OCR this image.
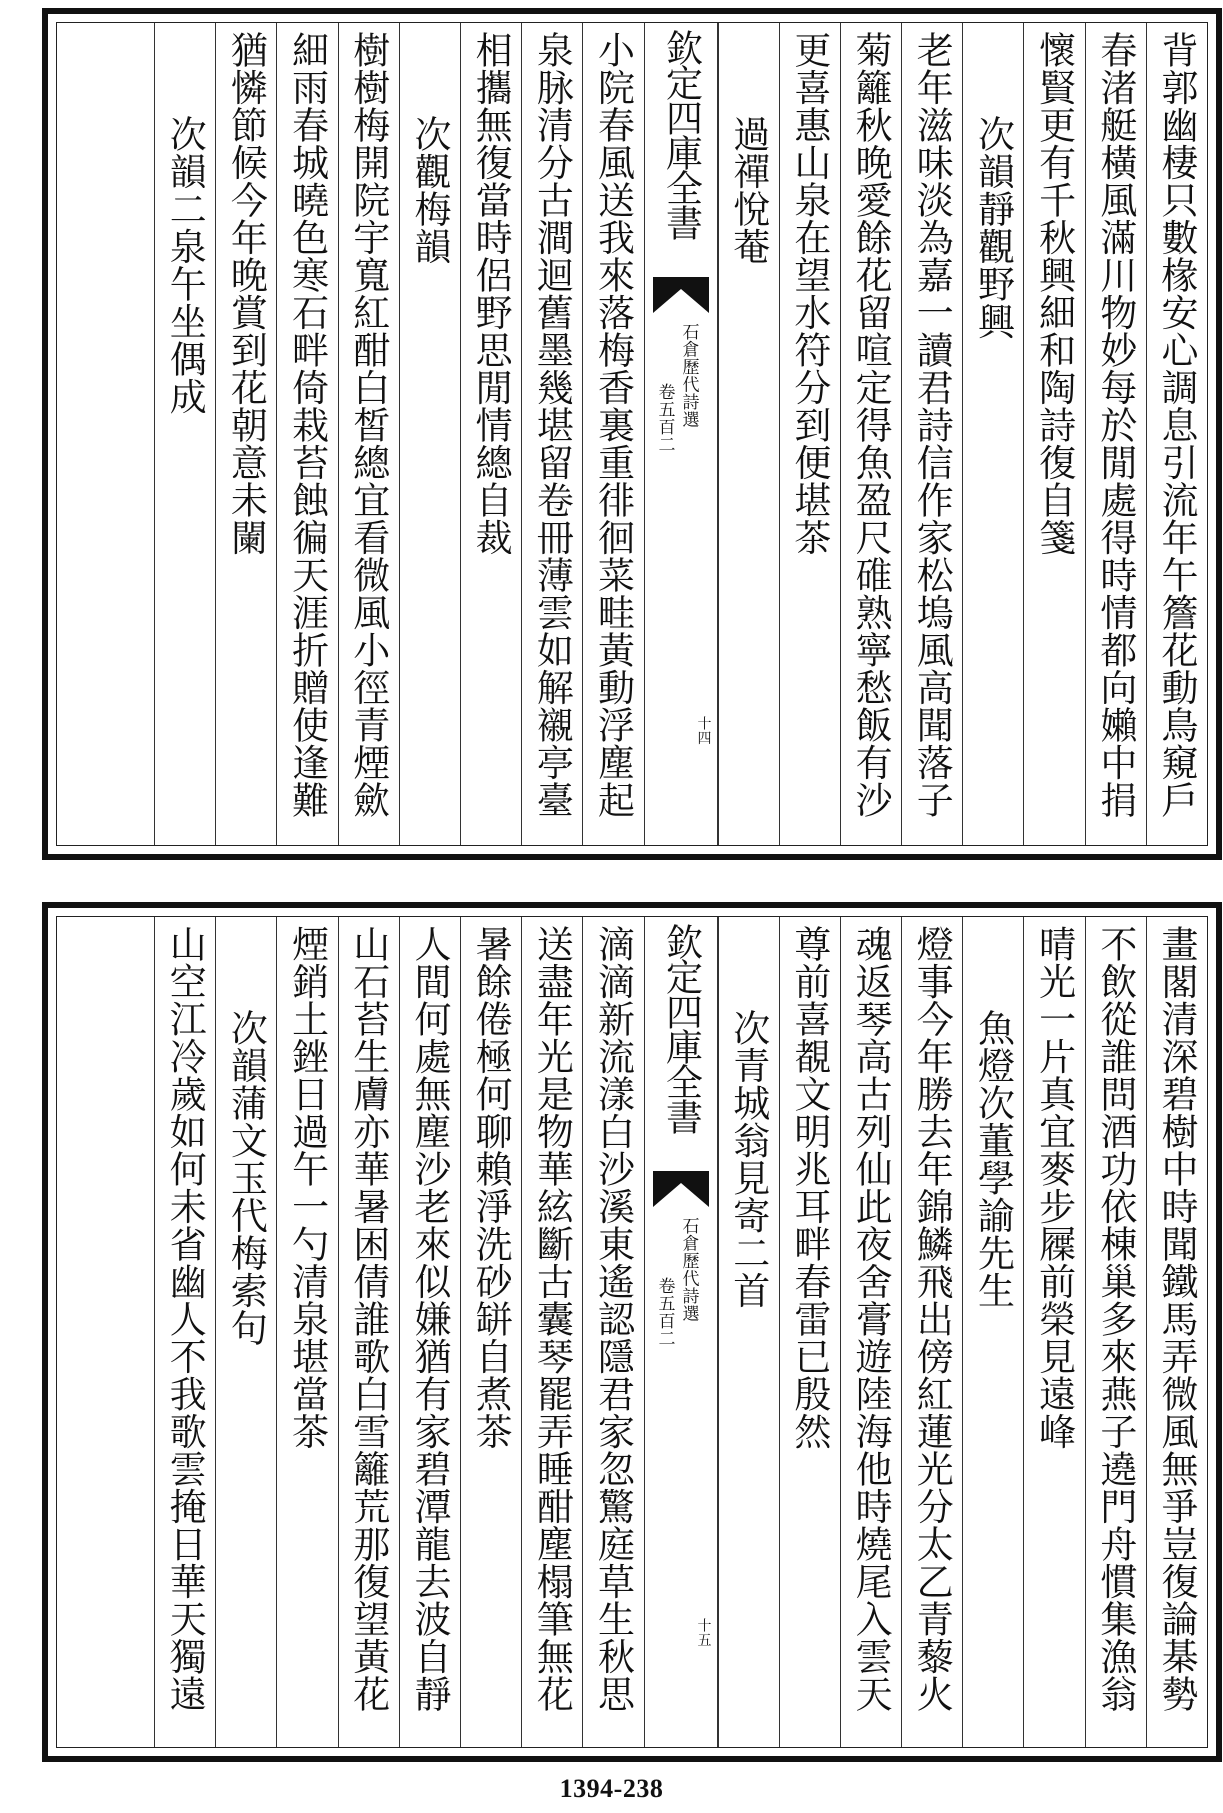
背郭幽棲只數椽安心調息引流年午簷花動鳥窺戶
春渚艇橫風滿川物妙每於閒處得時情都向嬾中捐
懷賢更有千秋興細和陶詩復自箋
次韻靜觀野興
老年滋味淡為嘉一讀君詩信作家松塢風高聞落子
菊籬秋晚愛餘花留喧定得魚盈尺碓熟寧愁飯有沙
更喜惠山泉在望水符分到便堪茶
過禪悅菴
欽定四庫全書
石倉歷代詩選
卷五百二
十四
小院春風送我來落梅香裏重徘徊菜畦黃動浮塵起
泉脉清分古澗迴舊墨幾堪留卷冊薄雲如解襯亭臺
相攜無復當時侶野思閒情總自裁
次觀梅韻
樹樹梅開院宇寬紅酣白皙總宜看微風小徑青煙歛
細雨春城曉色寒石畔倚栽苔蝕徧天涯折贈使逢難
猶憐節候今年晚賞到花朝意未闌
次韻二泉午坐偶成
畫閣清深碧樹中時聞鐵馬弄微風無爭豈復論棊勢
不飲從誰問酒功依棟巢多來燕子遶門舟慣集漁翁
晴光一片真宜麥步屧前榮見遠峰
魚燈次董學諭先生
燈事今年勝去年錦鱗飛出傍紅蓮光分太乙青藜火
魂返琴高古列仙此夜舍膏遊陸海他時燒尾入雲天
尊前喜覩文明兆耳畔春雷已殷然
次青城翁見寄二首
欽定四庫全書
石倉歷代詩選
卷五百二
十五
滴滴新流漾白沙溪東遙認隱君家忽驚庭草生秋思
送盡年光是物華絃斷古囊琴罷弄睡酣塵榻筆無花
暑餘倦極何聊賴淨洗砂缾自煮茶
人間何處無塵沙老來似嫌猶有家碧潭龍去波自靜
山石苔生膚亦華暑困倩誰歌白雪籬荒那復望黃花
煙銷土銼日過午一勺清泉堪當茶
次韻蒲文玉代梅索句
山空江冷歲如何未省幽人不我歌雲掩日華天獨遠
1394-238
